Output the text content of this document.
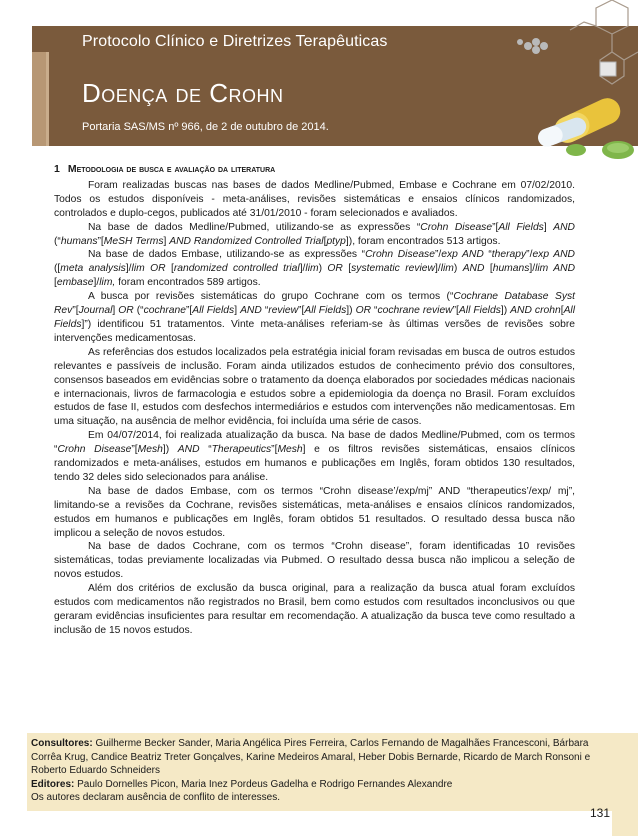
Protocolo Clínico e Diretrizes Terapêuticas
Doença de Crohn
Portaria SAS/MS nº 966, de 2 de outubro de 2014.
1 Metodologia de busca e avaliação da literatura

Foram realizadas buscas nas bases de dados Medline/Pubmed, Embase e Cochrane em 07/02/2010. Todos os estudos disponíveis - meta-análises, revisões sistemáticas e ensaios clínicos randomizados, controlados e duplo-cegos, publicados até 31/01/2010 - foram selecionados e avaliados.

Na base de dados Medline/Pubmed, utilizando-se as expressões “Crohn Disease”[All Fields] AND (“humans”[MeSH Terms] AND Randomized Controlled Trial[ptyp]), foram encontrados 513 artigos.

Na base de dados Embase, utilizando-se as expressões “Crohn Disease”/exp AND “therapy”/exp AND ([meta analysis]/lim OR [randomized controlled trial]/lim) OR [systematic review]/lim) AND [humans]/lim AND [embase]/lim, foram encontrados 589 artigos.

A busca por revisões sistemáticas do grupo Cochrane com os termos (“Cochrane Database Syst Rev”[Journal] OR (“cochrane”[All Fields] AND “review”[All Fields]) OR “cochrane review”[All Fields]) AND crohn[All Fields]”) identificou 51 tratamentos. Vinte meta-análises referiam-se às últimas versões de revisões sobre intervenções medicamentosas.

As referências dos estudos localizados pela estratégia inicial foram revisadas em busca de outros estudos relevantes e passíveis de inclusão. Foram ainda utilizados estudos de conhecimento prévio dos consultores, consensos baseados em evidências sobre o tratamento da doença elaborados por sociedades médicas nacionais e internacionais, livros de farmacologia e estudos sobre a epidemiologia da doença no Brasil. Foram excluídos estudos de fase II, estudos com desfechos intermediários e estudos com intervenções não medicamentosas. Em uma situação, na ausência de melhor evidência, foi incluída uma série de casos.

Em 04/07/2014, foi realizada atualização da busca. Na base de dados Medline/Pubmed, com os termos “Crohn Disease”[Mesh]) AND “Therapeutics”[Mesh] e os filtros revisões sistemáticas, ensaios clínicos randomizados e meta-análises, estudos em humanos e publicações em Inglês, foram obtidos 130 resultados, tendo 32 deles sido selecionados para análise.

Na base de dados Embase, com os termos “Crohn disease’/exp/mj” AND “therapeutics’/exp/ mj”, limitando-se a revisões da Cochrane, revisões sistemáticas, meta-análises e ensaios clínicos randomizados, estudos em humanos e publicações em Inglês, foram obtidos 51 resultados. O resultado dessa busca não implicou a seleção de novos estudos.

Na base de dados Cochrane, com os termos “Crohn disease”, foram identificadas 10 revisões sistemáticas, todas previamente localizadas via Pubmed. O resultado dessa busca não implicou a seleção de novos estudos.

Além dos critérios de exclusão da busca original, para a realização da busca atual foram excluídos estudos com medicamentos não registrados no Brasil, bem como estudos com resultados inconclusivos ou que geraram evidências insuficientes para resultar em recomendação. A atualização da busca teve como resultado a inclusão de 15 novos estudos.

Consultores: Guilherme Becker Sander, Maria Angélica Pires Ferreira, Carlos Fernando de Magalhães Francesconi, Bárbara Corrêa Krug, Candice Beatriz Treter Gonçalves, Karine Medeiros Amaral, Heber Dobis Bernarde, Ricardo de March Ronsoni e Roberto Eduardo Schneiders
Editores: Paulo Dornelles Picon, Maria Inez Pordeus Gadelha e Rodrigo Fernandes Alexandre
Os autores declaram ausência de conflito de interesses.
131
